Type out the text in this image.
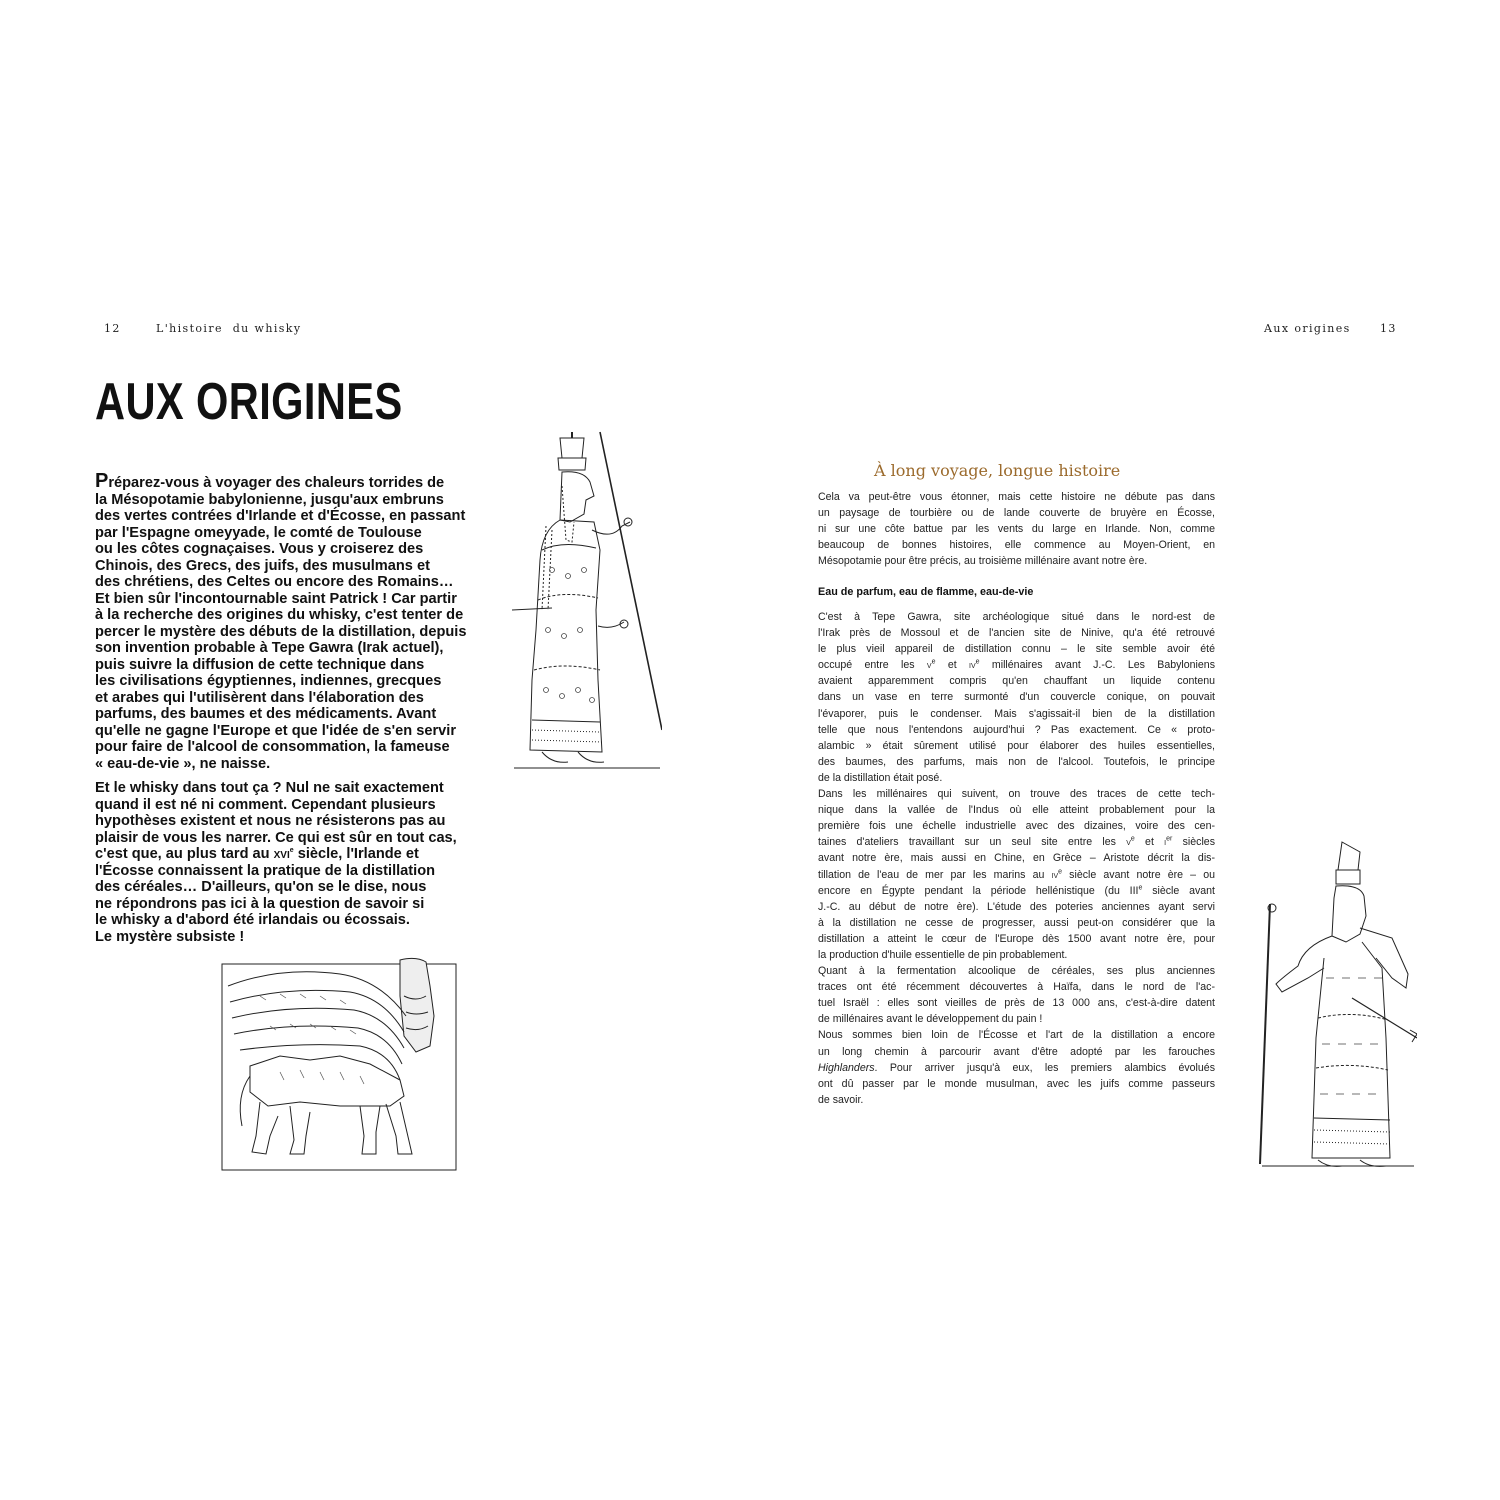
12	L'histoire  du whisky	Aux origines	13
AUX ORIGINES
Préparez-vous à voyager des chaleurs torrides de
la Mésopotamie babylonienne, jusqu'aux embruns
des vertes contrées d'Irlande et d'Écosse, en passant
par l'Espagne omeyyade, le comté de Toulouse
ou les côtes cognaçaises. Vous y croiserez des
Chinois, des Grecs, des juifs, des musulmans et
des chrétiens, des Celtes ou encore des Romains…
Et bien sûr l'incontournable saint Patrick ! Car partir
à la recherche des origines du whisky, c'est tenter de
percer le mystère des débuts de la distillation, depuis
son invention probable à Tepe Gawra (Irak actuel),
puis suivre la diffusion de cette technique dans
les civilisations égyptiennes, indiennes, grecques
et arabes qui l'utilisèrent dans l'élaboration des
parfums, des baumes et des médicaments. Avant
qu'elle ne gagne l'Europe et que l'idée de s'en servir
pour faire de l'alcool de consommation, la fameuse
« eau-de-vie », ne naisse.
Et le whisky dans tout ça ? Nul ne sait exactement
quand il est né ni comment. Cependant plusieurs
hypothèses existent et nous ne résisterons pas au
plaisir de vous les narrer. Ce qui est sûr en tout cas,
c'est que, au plus tard au xvi$^e$ siècle, l'Irlande et
l'Écosse connaissent la pratique de la distillation
des céréales… D'ailleurs, qu'on se le dise, nous
ne répondrons pas ici à la question de savoir si
le whisky a d'abord été irlandais ou écossais.
Le mystère subsiste !
À long voyage, longue histoire
Cela va peut-être vous étonner, mais cette histoire ne débute pas dans
un paysage de tourbière ou de lande couverte de bruyère en Écosse,
ni sur une côte battue par les vents du large en Irlande. Non, comme
beaucoup de bonnes histoires, elle commence au Moyen-Orient, en
Mésopotamie pour être précis, au troisième millénaire avant notre ère.
Eau de parfum, eau de flamme, eau-de-vie
C'est à Tepe Gawra, site archéologique situé dans le nord-est de
l'Irak près de Mossoul et de l'ancien site de Ninive, qu'a été retrouvé
le plus vieil appareil de distillation connu – le site semble avoir été
occupé entre les $v^e$ et $iv^e$ millénaires avant J.-C. Les Babyloniens
avaient apparemment compris qu'en chauffant un liquide contenu
dans un vase en terre surmonté d'un couvercle conique, on pouvait
l'évaporer, puis le condenser. Mais s'agissait-il bien de la distillation
telle que nous l'entendons aujourd'hui ? Pas exactement. Ce « proto-
alambic » était sûrement utilisé pour élaborer des huiles essentielles,
des baumes, des parfums, mais non de l'alcool. Toutefois, le principe
de la distillation était posé.
Dans les millénaires qui suivent, on trouve des traces de cette tech-
nique dans la vallée de l'Indus où elle atteint probablement pour la
première fois une échelle industrielle avec des dizaines, voire des cen-
taines d'ateliers travaillant sur un seul site entre les $v^e$ et $i^{er}$ siècles
avant notre ère, mais aussi en Chine, en Grèce – Aristote décrit la dis-
tillation de l'eau de mer par les marins au $iv^e$ siècle avant notre ère – ou
encore en Égypte pendant la période hellénistique (du IIIe siècle avant
J.-C. au début de notre ère). L'étude des poteries anciennes ayant servi
à la distillation ne cesse de progresser, aussi peut-on considérer que la
distillation a atteint le cœur de l'Europe dès 1500 avant notre ère, pour
la production d'huile essentielle de pin probablement.
Quant à la fermentation alcoolique de céréales, ses plus anciennes
traces ont été récemment découvertes à Haïfa, dans le nord de l'ac-
tuel Israël : elles sont vieilles de près de 13 000 ans, c'est-à-dire datent
de millénaires avant le développement du pain !
Nous sommes bien loin de l'Écosse et l'art de la distillation a encore
un long chemin à parcourir avant d'être adopté par les farouches
Highlanders. Pour arriver jusqu'à eux, les premiers alambics évolués
ont dû passer par le monde musulman, avec les juifs comme passeurs
de savoir.
